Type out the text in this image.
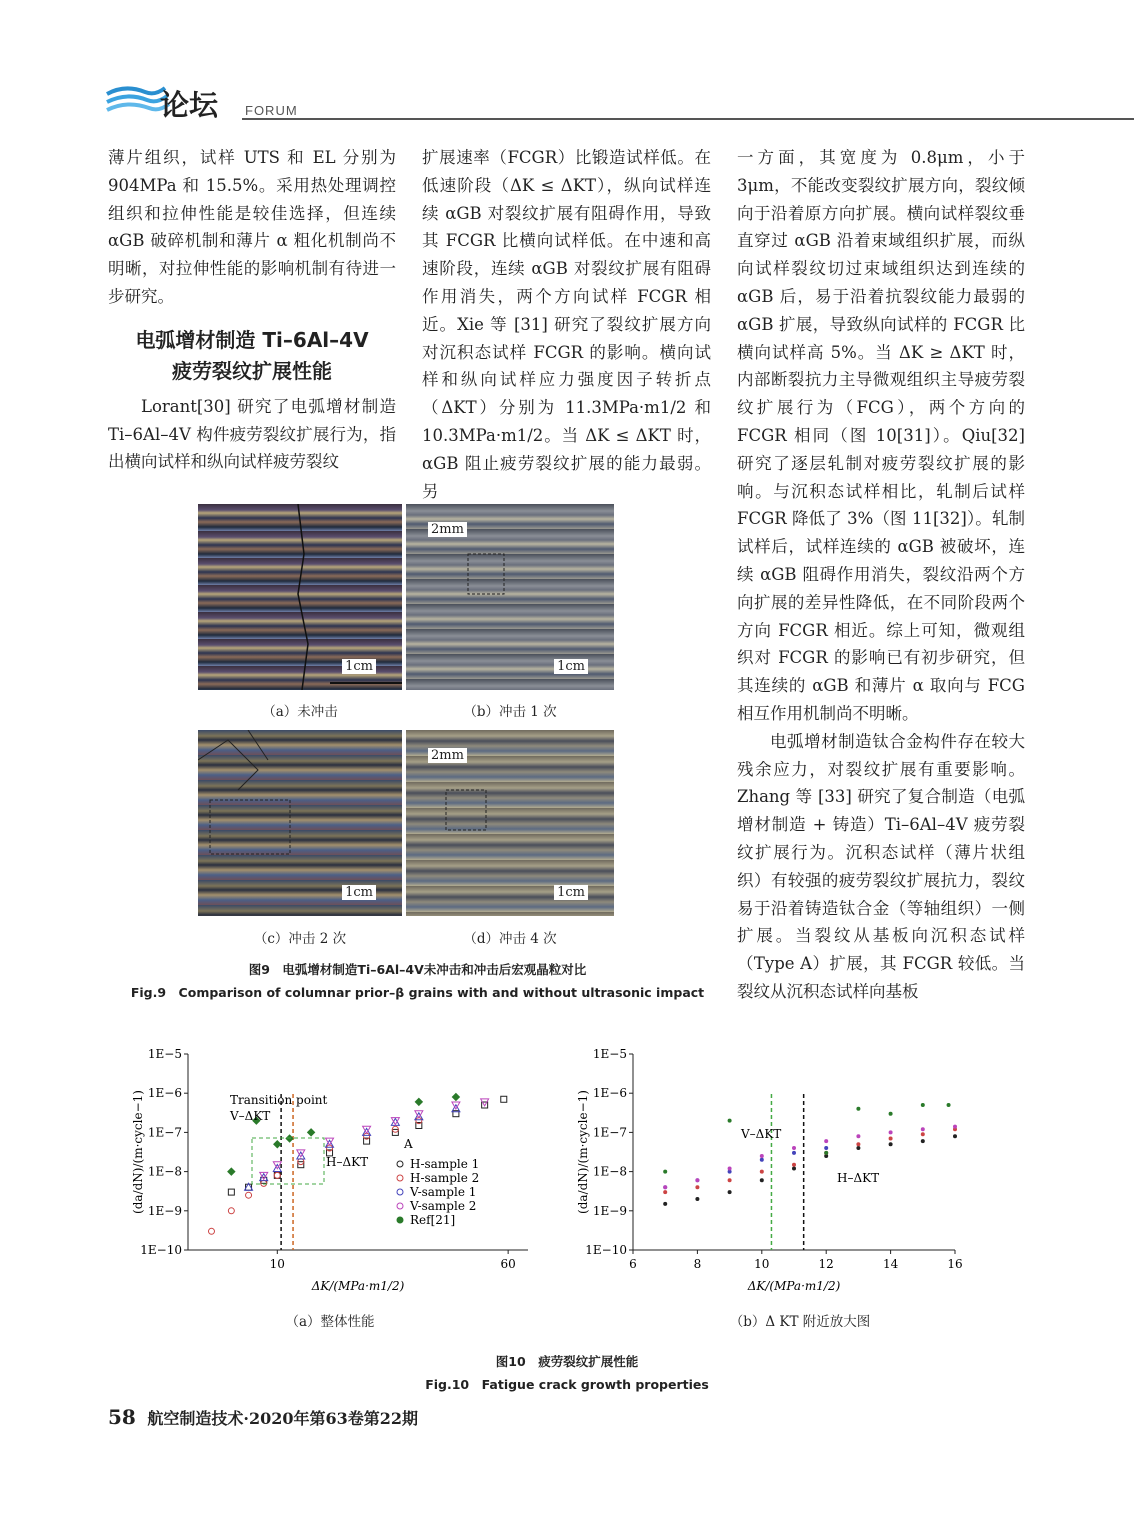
论坛 FORUM

薄片组织，试样 UTS 和 EL 分别为 904MPa 和 15.5%。采用热处理调控组织和拉伸性能是较佳选择，但连续 αGB 破碎机制和薄片 α 粗化机制尚不明晰，对拉伸性能的影响机制有待进一步研究。

电弧增材制造 Ti–6Al–4V
疲劳裂纹扩展性能

Lorant[30] 研究了电弧增材制造 Ti–6Al–4V 构件疲劳裂纹扩展行为，指出横向试样和纵向试样疲劳裂纹

扩展速率（FCGR）比锻造试样低。在低速阶段（ΔK ≤ ΔKT），纵向试样连续 αGB 对裂纹扩展有阻碍作用，导致其 FCGR 比横向试样低。在中速和高速阶段，连续 αGB 对裂纹扩展有阻碍作用消失，两个方向试样 FCGR 相近。Xie 等 [31] 研究了裂纹扩展方向对沉积态试样 FCGR 的影响。横向试样和纵向试样应力强度因子转折点（ΔKT）分别为 11.3MPa·m1/2 和 10.3MPa·m1/2。当 ΔK ≤ ΔKT 时，αGB 阻止疲劳裂纹扩展的能力最弱。另

一方面，其宽度为 0.8μm，小于 3μm，不能改变裂纹扩展方向，裂纹倾向于沿着原方向扩展。横向试样裂纹垂直穿过 αGB 沿着束域组织扩展，而纵向试样裂纹切过束域组织达到连续的 αGB 后，易于沿着抗裂纹能力最弱的 αGB 扩展，导致纵向试样的 FCGR 比横向试样高 5%。当 ΔK ≥ ΔKT 时，内部断裂抗力主导微观组织主导疲劳裂纹扩展行为（FCG），两个方向的 FCGR 相同（图 10[31]）。Qiu[32] 研究了逐层轧制对疲劳裂纹扩展的影响。与沉积态试样相比，轧制后试样 FCGR 降低了 3%（图 11[32]）。轧制试样后，试样连续的 αGB 被破坏，连续 αGB 阻碍作用消失，裂纹沿两个方向扩展的差异性降低，在不同阶段两个方向 FCGR 相近。综上可知，微观组织对 FCGR 的影响已有初步研究，但其连续的 αGB 和薄片 α 取向与 FCG 相互作用机制尚不明晰。

电弧增材制造钛合金构件存在较大残余应力，对裂纹扩展有重要影响。Zhang 等 [33] 研究了复合制造（电弧增材制造 + 铸造）Ti–6Al–4V 疲劳裂纹扩展行为。沉积态试样（薄片状组织）有较强的疲劳裂纹扩展抗力，裂纹易于沿着铸造钛合金（等轴组织）一侧扩展。当裂纹从基板向沉积态试样（Type A）扩展，其 FCGR 较低。当裂纹从沉积态试样向基板

1cm
2mm
1cm
（a）未冲击	（b）冲击 1 次
1cm
2mm
1cm
（c）冲击 2 次	（d）冲击 4 次
图9　电弧增材制造Ti–6Al–4V未冲击和冲击后宏观晶粒对比
Fig.9　Comparison of columnar prior–β grains with and without ultrasonic impact
1E−10
1E−9
1E−8
1E−7
1E−6
1E−5
10	60
ΔK/(MPa·m1/2)
(da/dN)/(m·cycle−1)	Transition point
V–ΔKT
H–ΔKT
A
H-sample 1
H-sample 2
V-sample 1
V-sample 2
Ref[21]
1E−10
1E−9
1E−8
1E−7
1E−6
1E−5
6	8	10	12	14	16
ΔK/(MPa·m1/2)
(da/dN)/(m·cycle−1)	V–ΔKT
H–ΔKT
（a）整体性能	（b）Δ KT 附近放大图
图10　疲劳裂纹扩展性能
Fig.10　Fatigue crack growth properties
58 航空制造技术·2020年第63卷第22期
